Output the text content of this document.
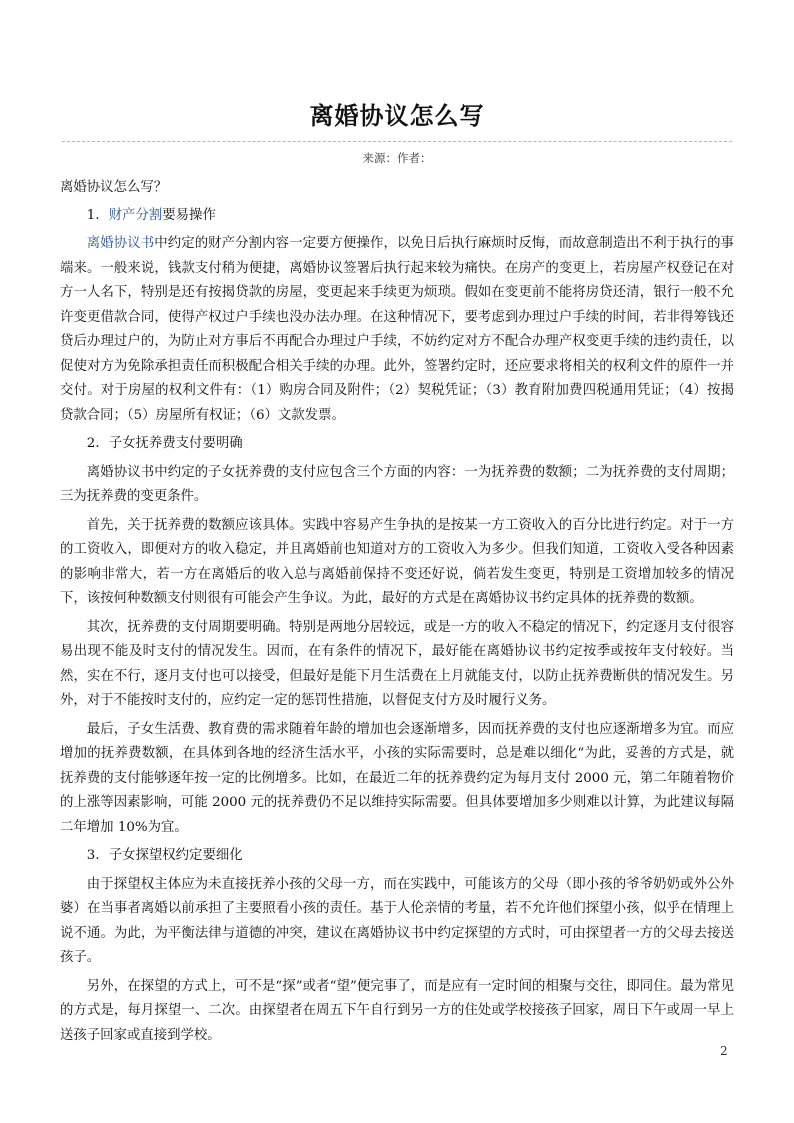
离婚协议怎么写
来源：作者：

离婚协议怎么写？

1．财产分割要易操作

离婚协议书中约定的财产分割内容一定要方便操作，以免日后执行麻烦时反悔，而故意制造出不利于执行的事端来。一般来说，钱款支付稍为便捷，离婚协议签署后执行起来较为痛快。在房产的变更上，若房屋产权登记在对方一人名下，特别是还有按揭贷款的房屋，变更起来手续更为烦琐。假如在变更前不能将房贷还清，银行一般不允许变更借款合同，使得产权过户手续也没办法办理。在这种情况下，要考虑到办理过户手续的时间，若非得筹钱还贷后办理过户的，为防止对方事后不再配合办理过户手续，不妨约定对方不配合办理产权变更手续的违约责任，以促使对方为免除承担责任而积极配合相关手续的办理。此外，签署约定时，还应要求将相关的权利文件的原件一并交付。对于房屋的权利文件有：（1）购房合同及附件；（2）契税凭证；（3）教育附加费四税通用凭证；（4）按揭贷款合同；（5）房屋所有权证；（6）文款发票。

2．子女抚养费支付要明确

离婚协议书中约定的子女抚养费的支付应包含三个方面的内容：一为抚养费的数额；二为抚养费的支付周期；三为抚养费的变更条件。

首先，关于抚养费的数额应该具体。实践中容易产生争执的是按某一方工资收入的百分比进行约定。对于一方的工资收入，即便对方的收入稳定，并且离婚前也知道对方的工资收入为多少。但我们知道，工资收入受各种因素的影响非常大，若一方在离婚后的收入总与离婚前保持不变还好说，倘若发生变更，特别是工资增加较多的情况下，该按何种数额支付则很有可能会产生争议。为此，最好的方式是在离婚协议书约定具体的抚养费的数额。

其次，抚养费的支付周期要明确。特别是两地分居较远，或是一方的收入不稳定的情况下，约定逐月支付很容易出现不能及时支付的情况发生。因而，在有条件的情况下，最好能在离婚协议书约定按季或按年支付较好。当然，实在不行，逐月支付也可以接受，但最好是能下月生活费在上月就能支付，以防止抚养费断供的情况发生。另外，对于不能按时支付的，应约定一定的惩罚性措施，以督促支付方及时履行义务。

最后，子女生活费、教育费的需求随着年龄的增加也会逐渐增多，因而抚养费的支付也应逐渐增多为宜。而应增加的抚养费数额，在具体到各地的经济生活水平，小孩的实际需要时，总是难以细化“为此，妥善的方式是，就抚养费的支付能够逐年按一定的比例增多。比如，在最近二年的抚养费约定为每月支付 2000 元，第二年随着物价的上涨等因素影响，可能 2000 元的抚养费仍不足以维持实际需要。但具体要增加多少则难以计算，为此建议每隔二年增加 10%为宜。

3．子女探望权约定要细化

由于探望权主体应为未直接抚养小孩的父母一方，而在实践中，可能该方的父母（即小孩的爷爷奶奶或外公外婆）在当事者离婚以前承担了主要照看小孩的责任。基于人伦亲情的考量，若不允许他们探望小孩，似乎在情理上说不通。为此，为平衡法律与道德的冲突，建议在离婚协议书中约定探望的方式时，可由探望者一方的父母去接送孩子。

另外，在探望的方式上，可不是“探”或者“望”便完事了，而是应有一定时间的相聚与交往，即同住。最为常见的方式是，每月探望一、二次。由探望者在周五下午自行到另一方的住处或学校接孩子回家，周日下午或周一早上送孩子回家或直接到学校。

2
